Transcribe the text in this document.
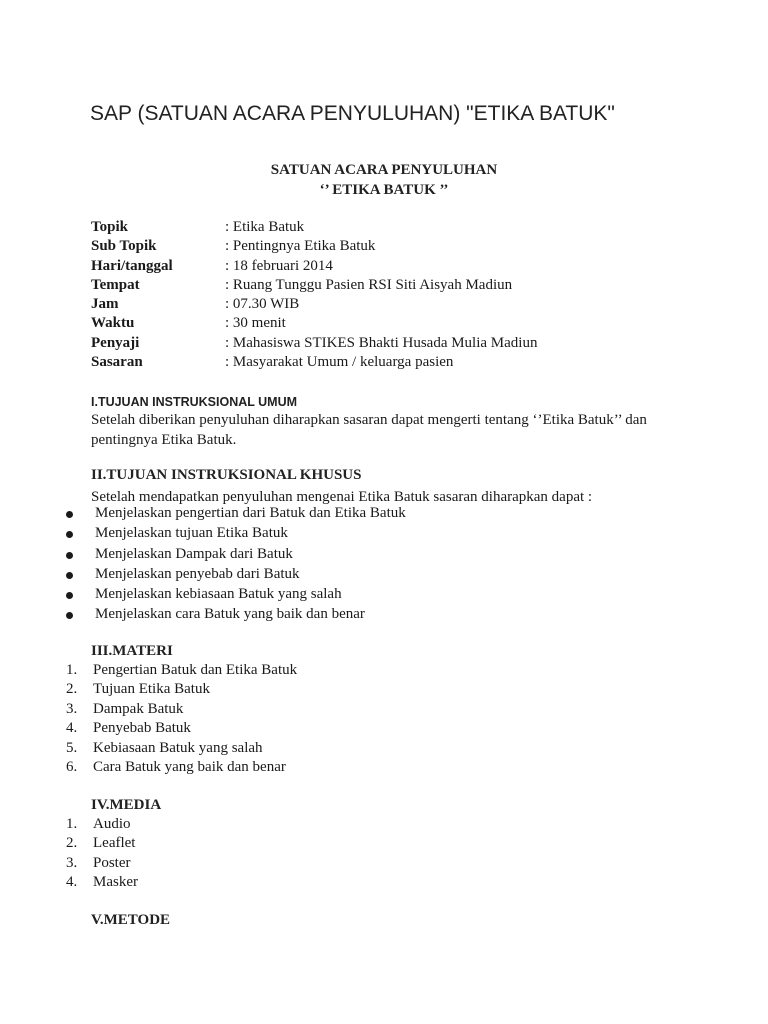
SAP (SATUAN ACARA PENYULUHAN) "ETIKA BATUK"
SATUAN ACARA PENYULUHAN
‘’ ETIKA BATUK ’’
Topik	: Etika Batuk
Sub Topik	: Pentingnya Etika Batuk
Hari/tanggal	: 18 februari 2014
Tempat	: Ruang Tunggu Pasien RSI Siti Aisyah Madiun
Jam	: 07.30 WIB
Waktu	: 30 menit
Penyaji	: Mahasiswa STIKES Bhakti Husada Mulia Madiun
Sasaran	: Masyarakat Umum / keluarga pasien
I.TUJUAN INSTRUKSIONAL UMUM
Setelah diberikan penyuluhan diharapkan sasaran dapat mengerti tentang ‘’Etika Batuk’’ dan pentingnya Etika Batuk.
II.TUJUAN INSTRUKSIONAL KHUSUS
Setelah mendapatkan penyuluhan mengenai Etika Batuk sasaran diharapkan dapat :
Menjelaskan pengertian dari Batuk dan Etika Batuk
Menjelaskan tujuan Etika Batuk
Menjelaskan Dampak dari Batuk
Menjelaskan penyebab dari Batuk
Menjelaskan kebiasaan Batuk yang salah
Menjelaskan cara Batuk yang baik dan benar
III.MATERI
1. Pengertian Batuk dan Etika Batuk
2. Tujuan Etika Batuk
3. Dampak Batuk
4. Penyebab Batuk
5. Kebiasaan Batuk yang salah
6. Cara Batuk yang baik dan benar
IV.MEDIA
1. Audio
2. Leaflet
3. Poster
4. Masker
V.METODE
